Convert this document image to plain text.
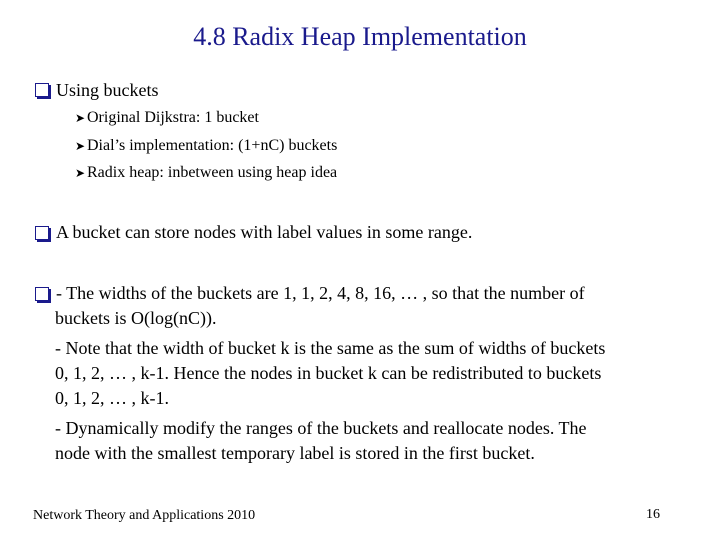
4.8 Radix Heap Implementation
Using buckets
➤ Original Dijkstra: 1 bucket
➤ Dial’s implementation: (1+nC) buckets
➤ Radix heap: inbetween using heap idea
A bucket can store nodes with label values in some range.
- The widths of the buckets are 1, 1, 2, 4, 8, 16, … , so that the number of
buckets is O(log(nC)).
- Note that the width of bucket k is the same as the sum of widths of buckets
0, 1, 2, … , k-1. Hence the nodes in bucket k can be redistributed to buckets
0, 1, 2, … , k-1.
- Dynamically modify the ranges of the buckets and reallocate nodes. The
node with the smallest temporary label is stored in the first bucket.
Network Theory and Applications 2010	16
